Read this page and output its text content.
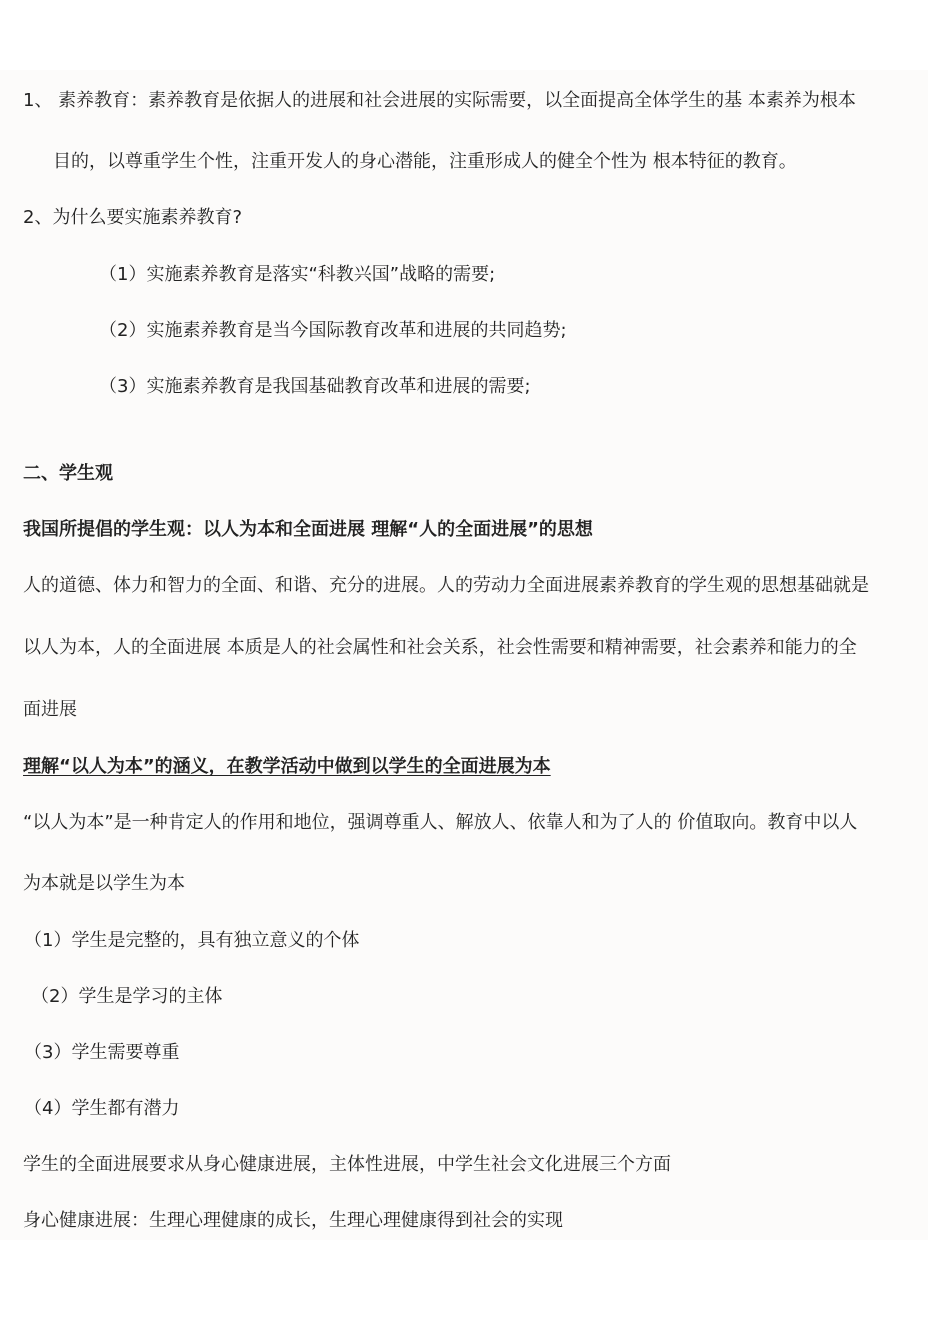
1、 素养教育：素养教育是依据人的进展和社会进展的实际需要，以全面提高全体学生的基 本素养为根本
目的，以尊重学生个性，注重开发人的身心潜能，注重形成人的健全个性为 根本特征的教育。
2、为什么要实施素养教育?
（1）实施素养教育是落实“科教兴国”战略的需要;
（2）实施素养教育是当今国际教育改革和进展的共同趋势;
（3）实施素养教育是我国基础教育改革和进展的需要;
二、学生观
我国所提倡的学生观：以人为本和全面进展 理解“人的全面进展”的思想
人的道德、体力和智力的全面、和谐、充分的进展。人的劳动力全面进展素养教育的学生观的思想基础就是
以人为本，人的全面进展 本质是人的社会属性和社会关系，社会性需要和精神需要，社会素养和能力的全
面进展
理解“以人为本”的涵义，在教学活动中做到以学生的全面进展为本
“以人为本”是一种肯定人的作用和地位，强调尊重人、解放人、依靠人和为了人的 价值取向。教育中以人
为本就是以学生为本
（1）学生是完整的，具有独立意义的个体
（2）学生是学习的主体
（3）学生需要尊重
（4）学生都有潜力
学生的全面进展要求从身心健康进展，主体性进展，中学生社会文化进展三个方面
身心健康进展：生理心理健康的成长，生理心理健康得到社会的实现
